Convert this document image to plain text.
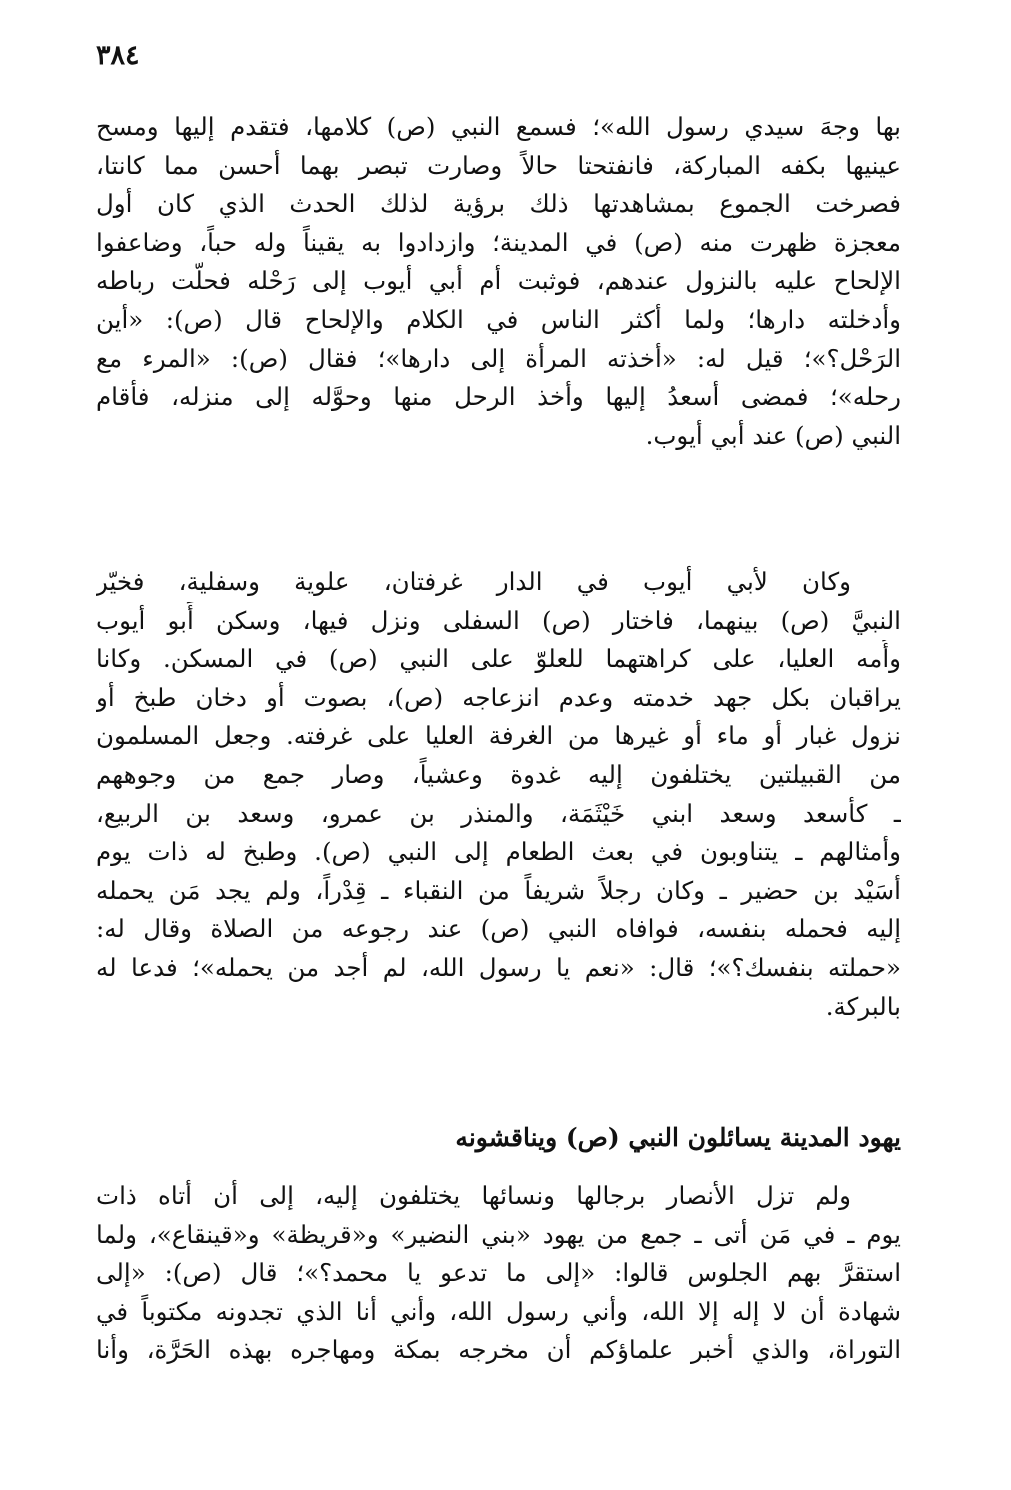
٣٨٤
بها وجهَ سيدي رسول الله»؛ فسمع النبي (ص) كلامها، فتقدم إليها ومسح
عينيها بكفه المباركة، فانفتحتا حالاً وصارت تبصر بهما أحسن مما كانتا،
فصرخت الجموع بمشاهدتها ذلك برؤية لذلك الحدث الذي كان أول
معجزة ظهرت منه (ص) في المدينة؛ وازدادوا به يقيناً وله حباً، وضاعفوا
الإلحاح عليه بالنزول عندهم، فوثبت أم أبي أيوب إلى رَحْله فحلَّت رباطه
وأدخلته دارها؛ ولما أكثر الناس في الكلام والإلحاح قال (ص): «أين
الرَحْل؟»؛ قيل له: «أخذته المرأة إلى دارها»؛ فقال (ص): «المرء مع
رحله»؛ فمضى أسعدُ إليها وأخذ الرحل منها وحوَّله إلى منزله، فأقام
النبي (ص) عند أبي أيوب.
وكان لأبي أيوب في الدار غرفتان، علوية وسفلية، فخيّر
النبيَّ (ص) بينهما، فاختار (ص) السفلى ونزل فيها، وسكن أَبو أيوب
وأُمه العليا، على كراهتهما للعلوّ على النبي (ص) في المسكن. وكانا
يراقبان بكل جهد خدمته وعدم انزعاجه (ص)، بصوت أو دخان طبخ أو
نزول غبار أو ماء أو غيرها من الغرفة العليا على غرفته. وجعل المسلمون
من القبيلتين يختلفون إليه غدوة وعشياً، وصار جمع من وجوههم
ـ كأسعد وسعد ابني خَيْثَمَة، والمنذر بن عمرو، وسعد بن الربيع،
وأمثالهم ـ يتناوبون في بعث الطعام إلى النبي (ص). وطبخ له ذات يوم
أسَيْد بن حضير ـ وكان رجلاً شريفاً من النقباء ـ قِدْراً، ولم يجد مَن يحمله
إليه فحمله بنفسه، فوافاه النبي (ص) عند رجوعه من الصلاة وقال له:
«حملته بنفسك؟»؛ قال: «نعم يا رسول الله، لم أجد من يحمله»؛ فدعا له
بالبركة.
يهود المدينة يسائلون النبي (ص) ويناقشونه
ولم تزل الأنصار برجالها ونسائها يختلفون إليه، إلى أن أتاه ذات
يوم ـ في مَن أتى ـ جمع من يهود «بني النضير» و«قريظة» و«قينقاع»، ولما
استقرَّ بهم الجلوس قالوا: «إلى ما تدعو يا محمد؟»؛ قال (ص): «إلى
شهادة أن لا إله إلا الله، وأني رسول الله، وأني أنا الذي تجدونه مكتوباً في
التوراة، والذي أخبر علماؤكم أن مخرجه بمكة ومهاجره بهذه الحَرَّة، وأنا
